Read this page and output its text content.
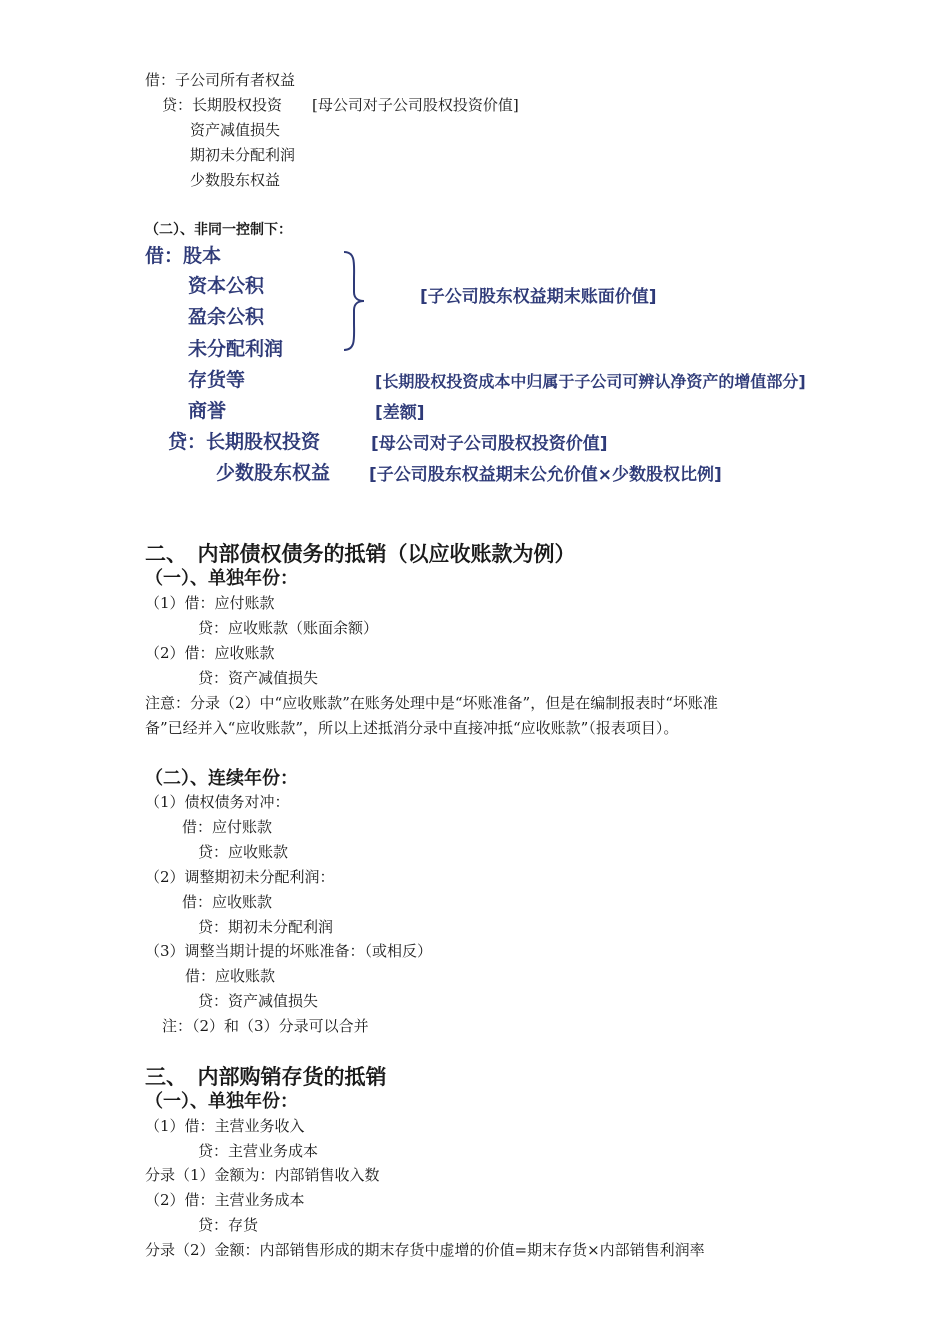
借：子公司所有者权益
贷：长期股权投资 [母公司对子公司股权投资价值]
资产减值损失
期初未分配利润
少数股东权益
（二）、非同一控制下：
借：股本
资本公积
盈余公积
未分配利润
[子公司股东权益期末账面价值]
存货等	[长期股权投资成本中归属于子公司可辨认净资产的增值部分]
商誉	[差额]
贷：长期股权投资	[母公司对子公司股权投资价值]
少数股东权益 [子公司股东权益期末公允价值×少数股权比例]
二、　内部债权债务的抵销（以应收账款为例）
（一）、单独年份：
（1）借：应付账款
贷：应收账款（账面余额）
（2）借：应收账款
贷：资产减值损失
注意：分录（2）中“应收账款”在账务处理中是“坏账准备”，但是在编制报表时“坏账准
备”已经并入“应收账款”，所以上述抵消分录中直接冲抵“应收账款”（报表项目）。
（二）、连续年份：
（1）债权债务对冲：
借：应付账款
贷：应收账款
（2）调整期初未分配利润：
借：应收账款
贷：期初未分配利润
（3）调整当期计提的坏账准备：（或相反）
借：应收账款
贷：资产减值损失
注：（2）和（3）分录可以合并
三、　内部购销存货的抵销
（一）、单独年份：
（1）借：主营业务收入
贷：主营业务成本
分录（1）金额为：内部销售收入数
（2）借：主营业务成本
贷：存货
分录（2）金额：内部销售形成的期末存货中虚增的价值=期末存货×内部销售利润率
